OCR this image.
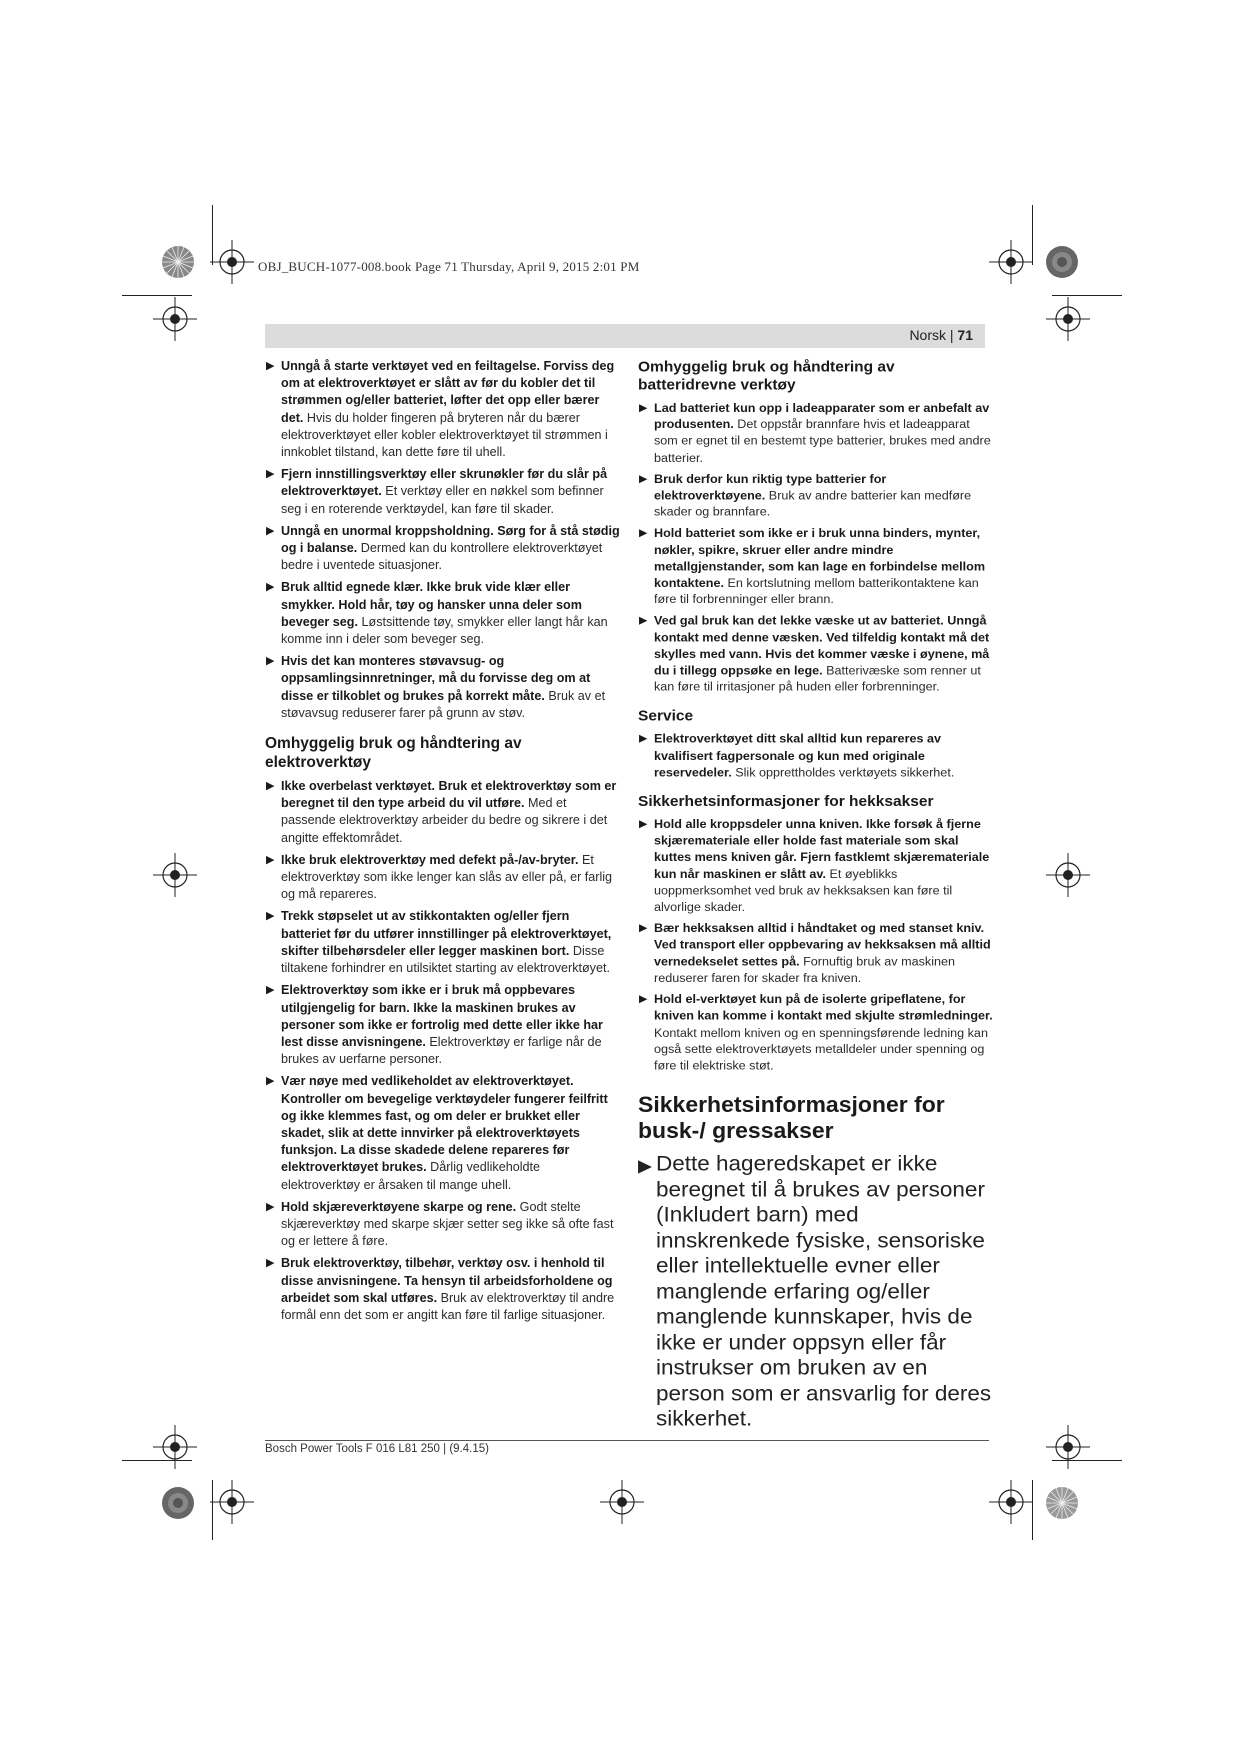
OBJ_BUCH-1077-008.book Page 71 Thursday, April 9, 2015 2:01 PM
Norsk | 71
▶ Unngå å starte verktøyet ved en feiltagelse. Forviss deg om at elektroverktøyet er slått av før du kobler det til strømmen og/eller batteriet, løfter det opp eller bærer det. Hvis du holder fingeren på bryteren når du bærer elektroverktøyet eller kobler elektroverktøyet til strømmen i innkoblet tilstand, kan dette føre til uhell.
▶ Fjern innstillingsverktøy eller skrunøkler før du slår på elektroverktøyet. Et verktøy eller en nøkkel som befinner seg i en roterende verktøydel, kan føre til skader.
▶ Unngå en unormal kroppsholdning. Sørg for å stå stødig og i balanse. Dermed kan du kontrollere elektroverktøyet bedre i uventede situasjoner.
▶ Bruk alltid egnede klær. Ikke bruk vide klær eller smykker. Hold hår, tøy og hansker unna deler som beveger seg. Løstsittende tøy, smykker eller langt hår kan komme inn i deler som beveger seg.
▶ Hvis det kan monteres støvavsug- og oppsamlingsinnretninger, må du forvisse deg om at disse er tilkoblet og brukes på korrekt måte. Bruk av et støvavsug reduserer farer på grunn av støv.
Omhyggelig bruk og håndtering av elektroverktøy
▶ Ikke overbelast verktøyet. Bruk et elektroverktøy som er beregnet til den type arbeid du vil utføre. Med et passende elektroverktøy arbeider du bedre og sikrere i det angitte effektområdet.
▶ Ikke bruk elektroverktøy med defekt på-/av-bryter. Et elektroverktøy som ikke lenger kan slås av eller på, er farlig og må repareres.
▶ Trekk støpselet ut av stikkontakten og/eller fjern batteriet før du utfører innstillinger på elektroverktøyet, skifter tilbehørsdeler eller legger maskinen bort. Disse tiltakene forhindrer en utilsiktet starting av elektroverktøyet.
▶ Elektroverktøy som ikke er i bruk må oppbevares utilgjengelig for barn. Ikke la maskinen brukes av personer som ikke er fortrolig med dette eller ikke har lest disse anvisningene. Elektroverktøy er farlige når de brukes av uerfarne personer.
▶ Vær nøye med vedlikeholdet av elektroverktøyet. Kontroller om bevegelige verktøydeler fungerer feilfritt og ikke klemmes fast, og om deler er brukket eller skadet, slik at dette innvirker på elektroverktøyets funksjon. La disse skadede delene repareres før elektroverktøyet brukes. Dårlig vedlikeholdte elektroverktøy er årsaken til mange uhell.
▶ Hold skjæreverktøyene skarpe og rene. Godt stelte skjæreverktøy med skarpe skjær setter seg ikke så ofte fast og er lettere å føre.
▶ Bruk elektroverktøy, tilbehør, verktøy osv. i henhold til disse anvisningene. Ta hensyn til arbeidsforholdene og arbeidet som skal utføres. Bruk av elektroverktøy til andre formål enn det som er angitt kan føre til farlige situasjoner.
Omhyggelig bruk og håndtering av batteridrevne verktøy
▶ Lad batteriet kun opp i ladeapparater som er anbefalt av produsenten. Det oppstår brannfare hvis et ladeapparat som er egnet til en bestemt type batterier, brukes med andre batterier.
▶ Bruk derfor kun riktig type batterier for elektroverktøyene. Bruk av andre batterier kan medføre skader og brannfare.
▶ Hold batteriet som ikke er i bruk unna binders, mynter, nøkler, spikre, skruer eller andre mindre metallgjenstander, som kan lage en forbindelse mellom kontaktene. En kortslutning mellom batterikontaktene kan føre til forbrenninger eller brann.
▶ Ved gal bruk kan det lekke væske ut av batteriet. Unngå kontakt med denne væsken. Ved tilfeldig kontakt må det skylles med vann. Hvis det kommer væske i øynene, må du i tillegg oppsøke en lege. Batterivæske som renner ut kan føre til irritasjoner på huden eller forbrenninger.
Service
▶ Elektroverktøyet ditt skal alltid kun repareres av kvalifisert fagpersonale og kun med originale reservedeler. Slik opprettholdes verktøyets sikkerhet.
Sikkerhetsinformasjoner for hekksakser
▶ Hold alle kroppsdeler unna kniven. Ikke forsøk å fjerne skjæremateriale eller holde fast materiale som skal kuttes mens kniven går. Fjern fastklemt skjæremateriale kun når maskinen er slått av. Et øyeblikks uoppmerksomhet ved bruk av hekksaksen kan føre til alvorlige skader.
▶ Bær hekksaksen alltid i håndtaket og med stanset kniv. Ved transport eller oppbevaring av hekksaksen må alltid vernedekselet settes på. Fornuftig bruk av maskinen reduserer faren for skader fra kniven.
▶ Hold el-verktøyet kun på de isolerte gripeflatene, for kniven kan komme i kontakt med skjulte strømledninger. Kontakt mellom kniven og en spenningsførende ledning kan også sette elektroverktøyets metalldeler under spenning og føre til elektriske støt.
Sikkerhetsinformasjoner for busk-/ gressakser
▶ Dette hageredskapet er ikke beregnet til å brukes av personer (Inkludert barn) med innskrenkede fysiske, sensoriske eller intellektuelle evner eller manglende erfaring og/eller manglende kunnskaper, hvis de ikke er under oppsyn eller får instrukser om bruken av en person som er ansvarlig for deres sikkerhet.
Bosch Power Tools F 016 L81 250 | (9.4.15)
